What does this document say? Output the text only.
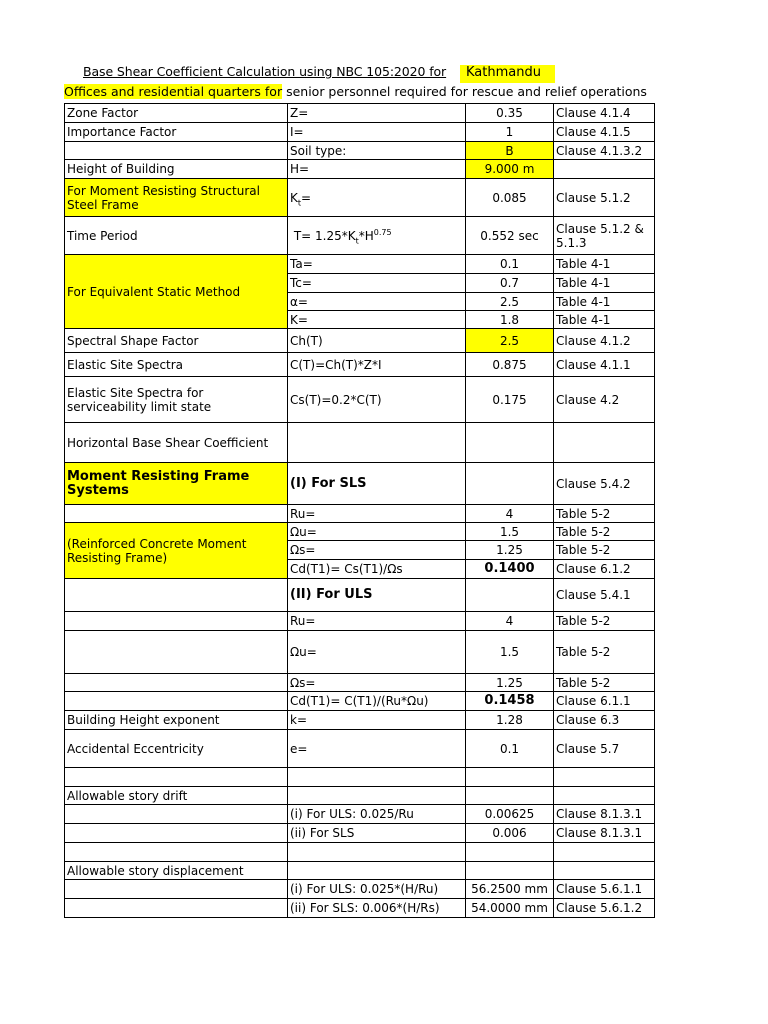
Base Shear Coefficient Calculation using NBC 105:2020 for	Kathmandu
Offices and residential quarters for senior personnel required for rescue and relief operations
Zone Factor	Z=	0.35	Clause 4.1.4
Importance Factor	I=	1	Clause 4.1.5
	Soil type:	B	Clause 4.1.3.2
Height of Building	H=	9.000 m	
For Moment Resisting Structural Steel Frame	$K_t=$	0.085	Clause 5.1.2
Time Period	$T= 1.25*K_t*H^{0.75}$	0.552 sec	Clause 5.1.2 & 5.1.3
For Equivalent Static Method	Ta=	0.1	Table 4-1
	Tc=	0.7	Table 4-1
	α=	2.5	Table 4-1
	K=	1.8	Table 4-1
Spectral Shape Factor	Ch(T)	2.5	Clause 4.1.2
Elastic Site Spectra	C(T)=Ch(T)*Z*I	0.875	Clause 4.1.1
Elastic Site Spectra for serviceability limit state	Cs(T)=0.2*C(T)	0.175	Clause 4.2
Horizontal Base Shear Coefficient			
Moment Resisting Frame Systems	(I) For SLS		Clause 5.4.2
	Ru=	4	Table 5-2
(Reinforced Concrete Moment Resisting Frame)	Ωu=	1.5	Table 5-2
	Ωs=	1.25	Table 5-2
	Cd(T1)= Cs(T1)/Ωs	0.1400	Clause 6.1.2
	(II) For ULS		Clause 5.4.1
	Ru=	4	Table 5-2
	Ωu=	1.5	Table 5-2
	Ωs=	1.25	Table 5-2
	Cd(T1)= C(T1)/(Ru*Ωu)	0.1458	Clause 6.1.1
Building Height exponent	k=	1.28	Clause 6.3
Accidental Eccentricity	e=	0.1	Clause 5.7

Allowable story drift			
	(i) For ULS: 0.025/Ru	0.00625	Clause 8.1.3.1
	(ii) For SLS	0.006	Clause 8.1.3.1

Allowable story displacement			
	(i) For ULS: 0.025*(H/Ru)	56.2500 mm	Clause 5.6.1.1
	(ii) For SLS: 0.006*(H/Rs)	54.0000 mm	Clause 5.6.1.2
